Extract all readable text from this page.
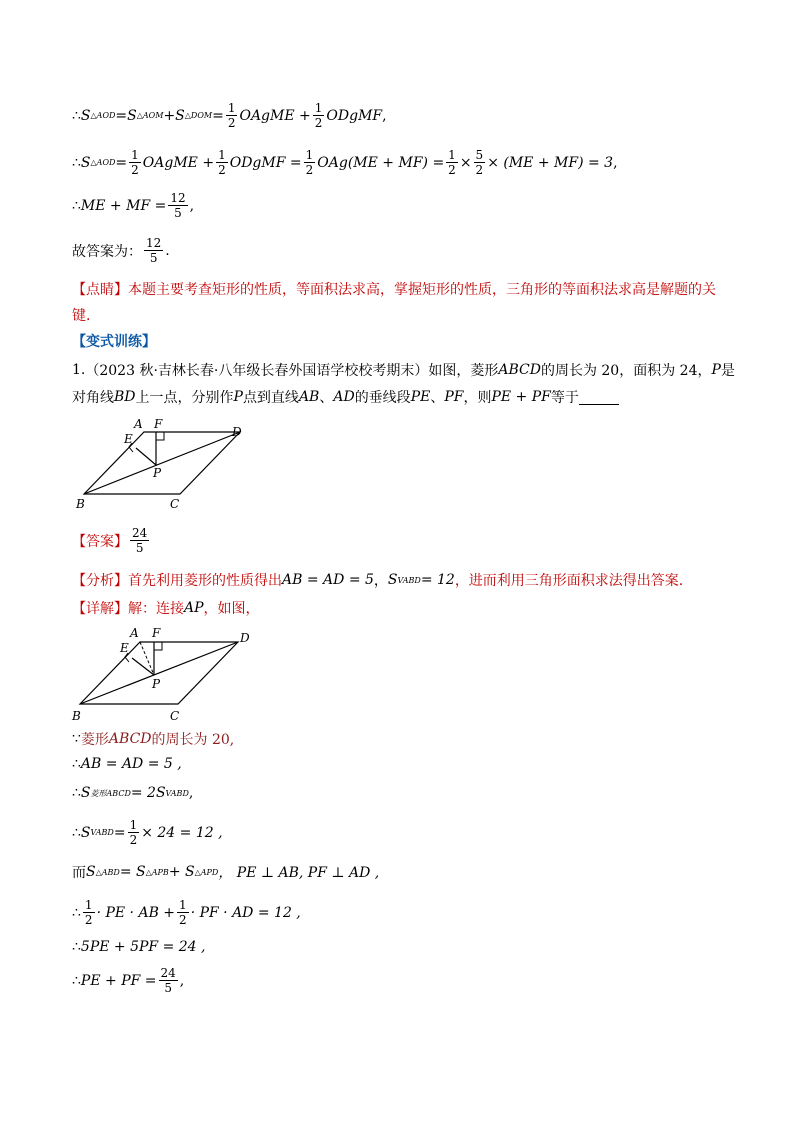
∴ S △AOD = S △AOM + S △DOM = $\frac{1}{2}$ OAgME + $\frac{1}{2}$ ODgMF ,
∴ S △AOD = $\frac{1}{2}$ OAgME + $\frac{1}{2}$ ODgMF = $\frac{1}{2} OAg(ME + MF) = \frac{1}{2} \times \frac{5}{2} \times (ME + MF) = 3$ ,
∴ ME + MF = $\frac{12}{5}$ ,
故答案为： $\frac{12}{5}$ .
【点睛】 本题主要考查矩形的性质，等面积法求高，掌握矩形的性质，三角形的等面积法求高是解题的关
键.
【变式训练】
1. （2023 秋·吉林长春·八年级长春外国语学校校考期末） 如图，菱形 ABCD 的周长为 20，面积为 24， P 是
对角线 BD 上一点，分别作 P 点到直线 AB 、 AD 的垂线段 PE 、 PF ，则 PE + PF 等于
A F
E	D
P
B	C
【答案】 $\frac{24}{5}$
【分析】 首先利用菱形的性质得出 AB = AD = 5 ， S VABD = 12 ，进而利用三角形面积求法得出答案.
【详解】 解：连接 AP ，如图，
A F
E
D
P
B	C
∵ 菱形 ABCD 的周长为 20,
∴ AB = AD = 5 ,
∴ S 菱形ABCD = 2S VABD ,
∴ S VABD = $\frac{1}{2} \times 24 = 12$ ,
而 S △ABD = S △APB + S △APD ， PE ⊥ AB, PF ⊥ AD ,
∴ $\frac{1}{2}$ · PE · AB + $\frac{1}{2}$ · PF · AD = 12 ,
∴ 5PE + 5PF = 24 ,
∴ PE + PF = $\frac{24}{5}$ ,
